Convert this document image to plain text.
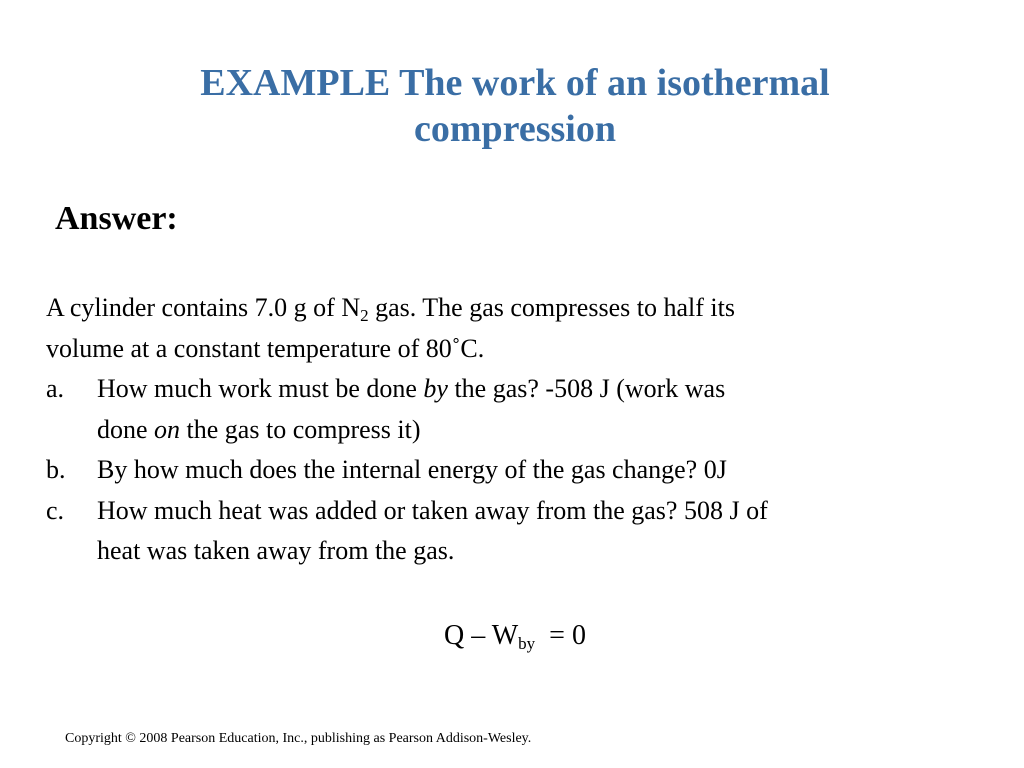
EXAMPLE The work of an isothermal
compression
Answer:
A cylinder contains 7.0 g of $N_2$ gas. The gas compresses to half its
volume at a constant temperature of 80˚C.
a. How much work must be done by the gas? -508 J (work was
done on the gas to compress it)
b. By how much does the internal energy of the gas change? 0J
c. How much heat was added or taken away from the gas? 508 J of
heat was taken away from the gas.
$Q - W_{by} = 0$
Copyright © 2008 Pearson Education, Inc., publishing as Pearson Addison-Wesley.
